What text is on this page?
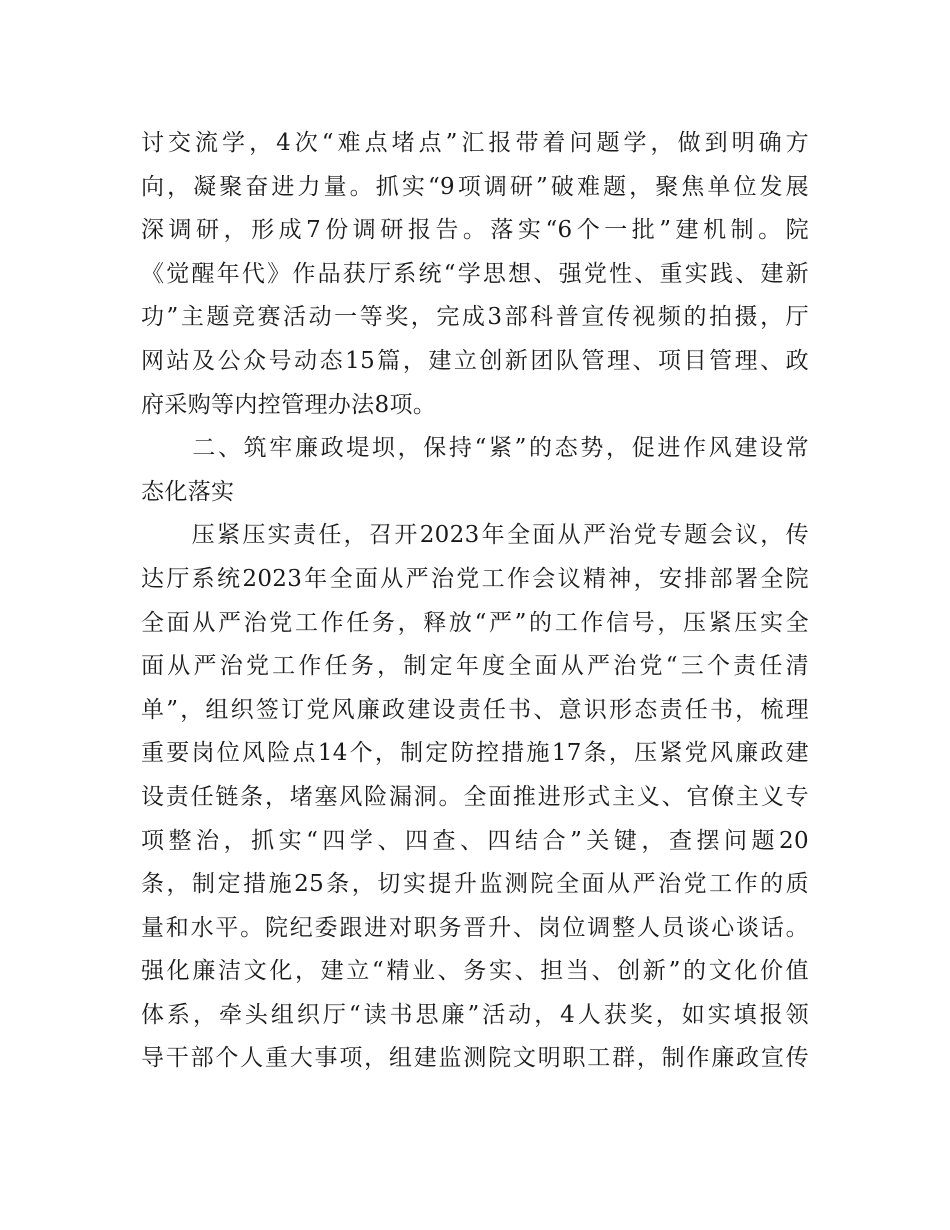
讨交流学，4次“难点堵点”汇报带着问题学，做到明确方
向，凝聚奋进力量。抓实“9项调研”破难题，聚焦单位发展
深调研，形成7份调研报告。落实“6个一批”建机制。院
《觉醒年代》作品获厅系统“学思想、强党性、重实践、建新
功”主题竞赛活动一等奖，完成3部科普宣传视频的拍摄，厅
网站及公众号动态15篇，建立创新团队管理、项目管理、政
府采购等内控管理办法8项。
　　二、筑牢廉政堤坝，保持“紧”的态势，促进作风建设常
态化落实
　　压紧压实责任，召开2023年全面从严治党专题会议，传
达厅系统2023年全面从严治党工作会议精神，安排部署全院
全面从严治党工作任务，释放“严”的工作信号，压紧压实全
面从严治党工作任务，制定年度全面从严治党“三个责任清
单”，组织签订党风廉政建设责任书、意识形态责任书，梳理
重要岗位风险点14个，制定防控措施17条，压紧党风廉政建
设责任链条，堵塞风险漏洞。全面推进形式主义、官僚主义专
项整治，抓实“四学、四查、四结合”关键，查摆问题20
条，制定措施25条，切实提升监测院全面从严治党工作的质
量和水平。院纪委跟进对职务晋升、岗位调整人员谈心谈话。
强化廉洁文化，建立“精业、务实、担当、创新”的文化价值
体系，牵头组织厅“读书思廉”活动，4人获奖，如实填报领
导干部个人重大事项，组建监测院文明职工群，制作廉政宣传
